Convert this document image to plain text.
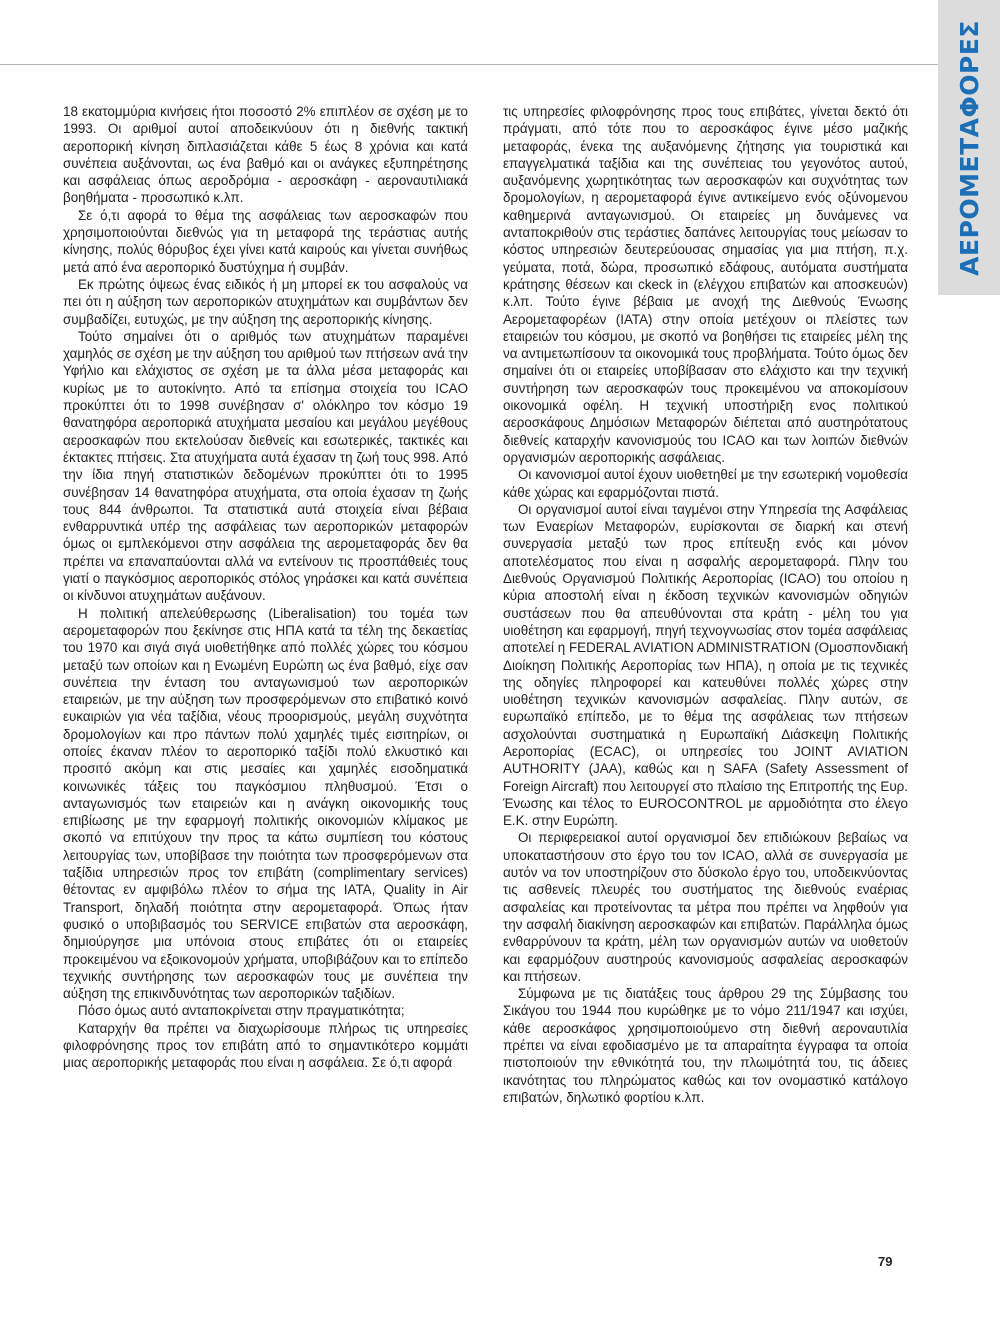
ΑΕΡΟΜΕΤΑΦΟΡΕΣ

18 εκατομμύρια κινήσεις ήτοι ποσοστό 2% επιπλέον σε σχέση με το 1993. Οι αριθμοί αυτοί αποδεικνύουν ότι η διεθνής τακτική αεροπορική κίνηση διπλασιάζεται κάθε 5 έως 8 χρόνια και κατά συνέπεια αυξάνονται, ως ένα βαθμό και οι ανάγκες εξυπηρέτησης και ασφάλειας όπως αεροδρόμια - αεροσκάφη - αεροναυτιλιακά βοηθήματα - προσωπικό κ.λπ.

Σε ό,τι αφορά το θέμα της ασφάλειας των αεροσκαφών που χρησιμοποιούνται διεθνώς για τη μεταφορά της τεράστιας αυτής κίνησης, πολύς θόρυβος έχει γίνει κατά καιρούς και γίνεται συνήθως μετά από ένα αεροπορικό δυστύχημα ή συμβάν.

Εκ πρώτης όψεως ένας ειδικός ή μη μπορεί εκ του ασφαλούς να πει ότι η αύξηση των αεροπορικών ατυχημάτων και συμβάντων δεν συμβαδίζει, ευτυχώς, με την αύξηση της αεροπορικής κίνησης.

Τούτο σημαίνει ότι ο αριθμός των ατυχημάτων παραμένει χαμηλός σε σχέση με την αύξηση του αριθμού των πτήσεων ανά την Υφήλιο και ελάχιστος σε σχέση με τα άλλα μέσα μεταφοράς και κυρίως με το αυτοκίνητο. Από τα επίσημα στοιχεία του ICAO προκύπτει ότι το 1998 συνέβησαν σ' ολόκληρο τον κόσμο 19 θανατηφόρα αεροπορικά ατυχήματα μεσαίου και μεγάλου μεγέθους αεροσκαφών που εκτελούσαν διεθνείς και εσωτερικές, τακτικές και έκτακτες πτήσεις. Στα ατυχήματα αυτά έχασαν τη ζωή τους 998. Από την ίδια πηγή στατιστικών δεδομένων προκύπτει ότι το 1995 συνέβησαν 14 θανατηφόρα ατυχήματα, στα οποία έχασαν τη ζωής τους 844 άνθρωποι. Τα στατιστικά αυτά στοιχεία είναι βέβαια ενθαρρυντικά υπέρ της ασφάλειας των αεροπορικών μεταφορών όμως οι εμπλεκόμενοι στην ασφάλεια της αερομεταφοράς δεν θα πρέπει να επαναπαύονται αλλά να εντείνουν τις προσπάθειές τους γιατί ο παγκόσμιος αεροπορικός στόλος γηράσκει και κατά συνέπεια οι κίνδυνοι ατυχημάτων αυξάνουν.

Η πολιτική απελεύθερωσης (Liberalisation) του τομέα των αερομεταφορών που ξεκίνησε στις ΗΠΑ κατά τα τέλη της δεκαετίας του 1970 και σιγά σιγά υιοθετήθηκε από πολλές χώρες του κόσμου μεταξύ των οποίων και η Ενωμένη Ευρώπη ως ένα βαθμό, είχε σαν συνέπεια την ένταση του ανταγωνισμού των αεροπορικών εταιρειών, με την αύξηση των προσφερόμενων στο επιβατικό κοινό ευκαιριών για νέα ταξίδια, νέους προορισμούς, μεγάλη συχνότητα δρομολογίων και προ πάντων πολύ χαμηλές τιμές εισιτηρίων, οι οποίες έκαναν πλέον το αεροπορικό ταξίδι πολύ ελκυστικό και προσιτό ακόμη και στις μεσαίες και χαμηλές εισοδηματικά κοινωνικές τάξεις του παγκόσμιου πληθυσμού. Έτσι ο ανταγωνισμός των εταιρειών και η ανάγκη οικονομικής τους επιβίωσης με την εφαρμογή πολιτικής οικονομιών κλίμακος με σκοπό να επιτύχουν την προς τα κάτω συμπίεση του κόστους λειτουργίας των, υποβίβασε την ποιότητα των προσφερόμενων στα ταξίδια υπηρεσιών προς τον επιβάτη (complimentary services) θέτοντας εν αμφιβόλω πλέον το σήμα της ΙΑΤΑ, Quality in Air Transport, δηλαδή ποιότητα στην αερομεταφορά. Όπως ήταν φυσικό ο υποβιβασμός του SERVICE επιβατών στα αεροσκάφη, δημιούργησε μια υπόνοια στους επιβάτες ότι οι εταιρείες προκειμένου να εξοικονομούν χρήματα, υποβιβάζουν και το επίπεδο τεχνικής συντήρησης των αεροσκαφών τους με συνέπεια την αύξηση της επικινδυνότητας των αεροπορικών ταξιδίων.

Πόσο όμως αυτό ανταποκρίνεται στην πραγματικότητα;

Καταρχήν θα πρέπει να διαχωρίσουμε πλήρως τις υπηρεσίες φιλοφρόνησης προς τον επιβάτη από το σημαντικότερο κομμάτι μιας αεροπορικής μεταφοράς που είναι η ασφάλεια. Σε ό,τι αφορά

τις υπηρεσίες φιλοφρόνησης προς τους επιβάτες, γίνεται δεκτό ότι πράγματι, από τότε που το αεροσκάφος έγινε μέσο μαζικής μεταφοράς, ένεκα της αυξανόμενης ζήτησης για τουριστικά και επαγγελματικά ταξίδια και της συνέπειας του γεγονότος αυτού, αυξανόμενης χωρητικότητας των αεροσκαφών και συχνότητας των δρομολογίων, η αερομεταφορά έγινε αντικείμενο ενός οξύνομενου καθημερινά ανταγωνισμού. Οι εταιρείες μη δυνάμενες να ανταποκριθούν στις τεράστιες δαπάνες λειτουργίας τους μείωσαν το κόστος υπηρεσιών δευτερεύουσας σημασίας για μια πτήση, π.χ. γεύματα, ποτά, δώρα, προσωπικό εδάφους, αυτόματα συστήματα κράτησης θέσεων και ckeck in (ελέγχου επιβατών και αποσκευών) κ.λπ. Τούτο έγινε βέβαια με ανοχή της Διεθνούς Ένωσης Αερομεταφορέων (ΙΑΤΑ) στην οποία μετέχουν οι πλείστες των εταιρειών του κόσμου, με σκοπό να βοηθήσει τις εταιρείες μέλη της να αντιμετωπίσουν τα οικονομικά τους προβλήματα. Τούτο όμως δεν σημαίνει ότι οι εταιρείες υποβίβασαν στο ελάχιστο και την τεχνική συντήρηση των αεροσκαφών τους προκειμένου να αποκομίσουν οικονομικά οφέλη. Η τεχνική υποστήριξη ενος πολιτικού αεροσκάφους Δημόσιων Μεταφορών διέπεται από αυστηρότατους διεθνείς καταρχήν κανονισμούς του ICAO και των λοιπών διεθνών οργανισμών αεροπορικής ασφάλειας.

Οι κανονισμοί αυτοί έχουν υιοθετηθεί με την εσωτερική νομοθεσία κάθε χώρας και εφαρμόζονται πιστά.

Οι οργανισμοί αυτοί είναι ταγμένοι στην Υπηρεσία της Ασφάλειας των Εναερίων Μεταφορών, ευρίσκονται σε διαρκή και στενή συνεργασία μεταξύ των προς επίτευξη ενός και μόνον αποτελέσματος που είναι η ασφαλής αερομεταφορά. Πλην του Διεθνούς Οργανισμού Πολιτικής Αεροπορίας (ICAO) του οποίου η κύρια αποστολή είναι η έκδοση τεχνικών κανονισμών οδηγιών συστάσεων που θα απευθύνονται στα κράτη - μέλη του για υιοθέτηση και εφαρμογή, πηγή τεχνογνωσίας στον τομέα ασφάλειας αποτελεί η FEDERAL AVIATION ADMINISTRATION (Ομοσπονδιακή Διοίκηση Πολιτικής Αεροπορίας των ΗΠΑ), η οποία με τις τεχνικές της οδηγίες πληροφορεί και κατευθύνει πολλές χώρες στην υιοθέτηση τεχνικών κανονισμών ασφαλείας. Πλην αυτών, σε ευρωπαϊκό επίπεδο, με το θέμα της ασφάλειας των πτήσεων ασχολούνται συστηματικά η Ευρωπαϊκή Διάσκεψη Πολιτικής Αεροπορίας (ECAC), οι υπηρεσίες του JOINT AVIATION AUTHORITY (JAA), καθώς και η SAFA (Safety Assessment of Foreign Aircraft) που λειτουργεί στο πλαίσιο της Επιτροπής της Ευρ. Ένωσης και τέλος το EUROCONTROL με αρμοδιότητα στο έλεγο Ε.Κ. στην Ευρώπη.

Οι περιφερειακοί αυτοί οργανισμοί δεν επιδιώκουν βεβαίως να υποκαταστήσουν στο έργο του τον ICAO, αλλά σε συνεργασία με αυτόν να τον υποστηρίζουν στο δύσκολο έργο του, υποδεικνύοντας τις ασθενείς πλευρές του συστήματος της διεθνούς εναέριας ασφαλείας και προτείνοντας τα μέτρα που πρέπει να ληφθούν για την ασφαλή διακίνηση αεροσκαφών και επιβατών. Παράλληλα όμως ενθαρρύνουν τα κράτη, μέλη των οργανισμών αυτών να υιοθετούν και εφαρμόζουν αυστηρούς κανονισμούς ασφαλείας αεροσκαφών και πτήσεων.

Σύμφωνα με τις διατάξεις τους άρθρου 29 της Σύμβασης του Σικάγου του 1944 που κυρώθηκε με το νόμο 211/1947 και ισχύει, κάθε αεροσκάφος χρησιμοποιούμενο στη διεθνή αεροναυτιλία πρέπει να είναι εφοδιασμένο με τα απαραίτητα έγγραφα τα οποία πιστοποιούν την εθνικότητά του, την πλωιμότητά του, τις άδειες ικανότητας του πληρώματος καθώς και τον ονομαστικό κατάλογο επιβατών, δηλωτικό φορτίου κ.λπ.

79
